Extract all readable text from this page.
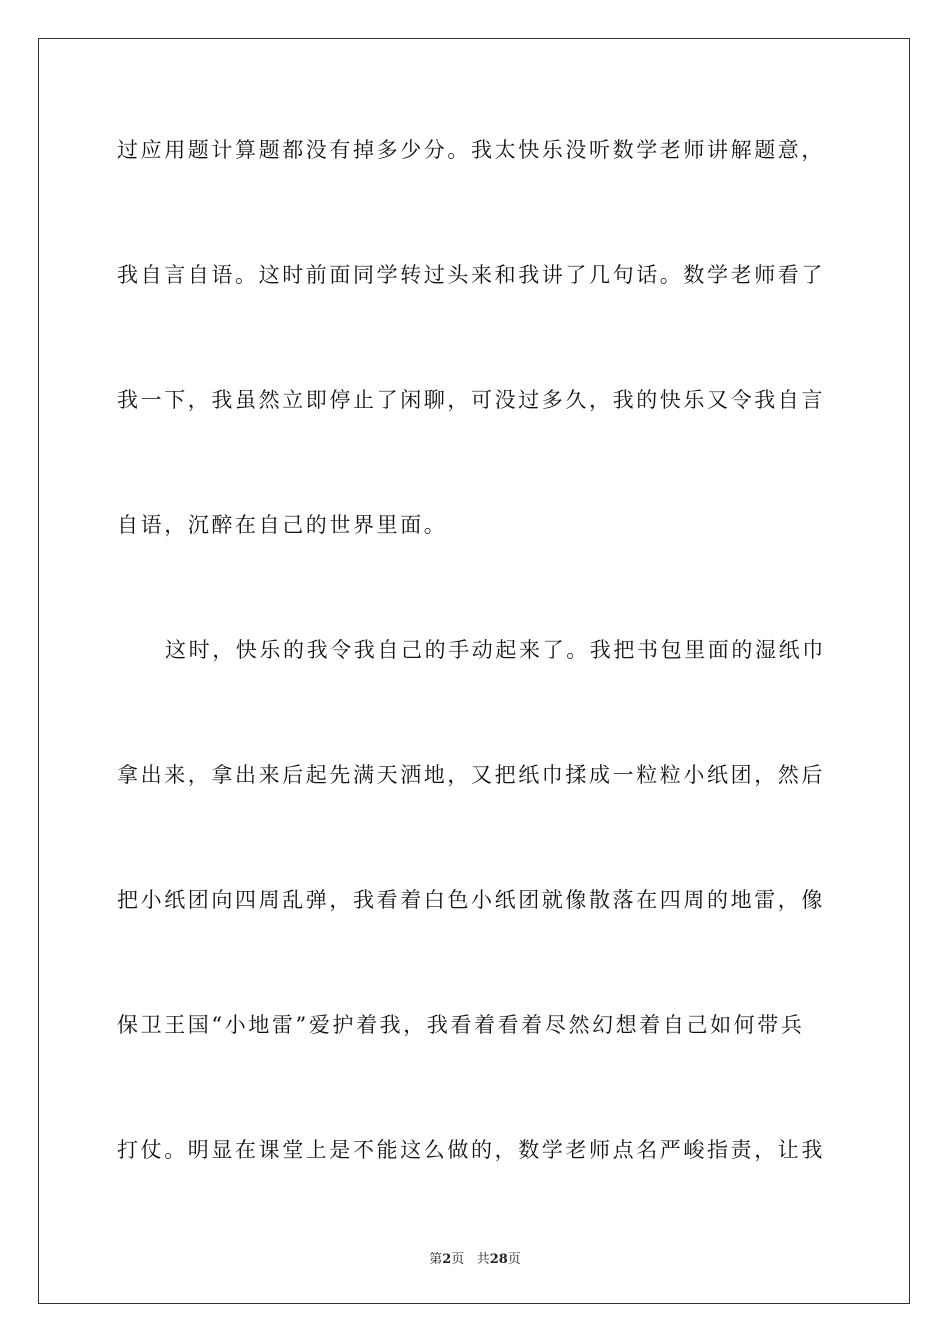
过应用题计算题都没有掉多少分。我太快乐没听数学老师讲解题意，
我自言自语。这时前面同学转过头来和我讲了几句话。数学老师看了
我一下，我虽然立即停止了闲聊，可没过多久，我的快乐又令我自言
自语，沉醉在自己的世界里面。
这时，快乐的我令我自己的手动起来了。我把书包里面的湿纸巾
拿出来，拿出来后起先满天洒地，又把纸巾揉成一粒粒小纸团，然后
把小纸团向四周乱弹，我看着白色小纸团就像散落在四周的地雷，像
保卫王国“小地雷”爱护着我，我看着看着尽然幻想着自己如何带兵
打仗。明显在课堂上是不能这么做的，数学老师点名严峻指责，让我
第2页 共28页
